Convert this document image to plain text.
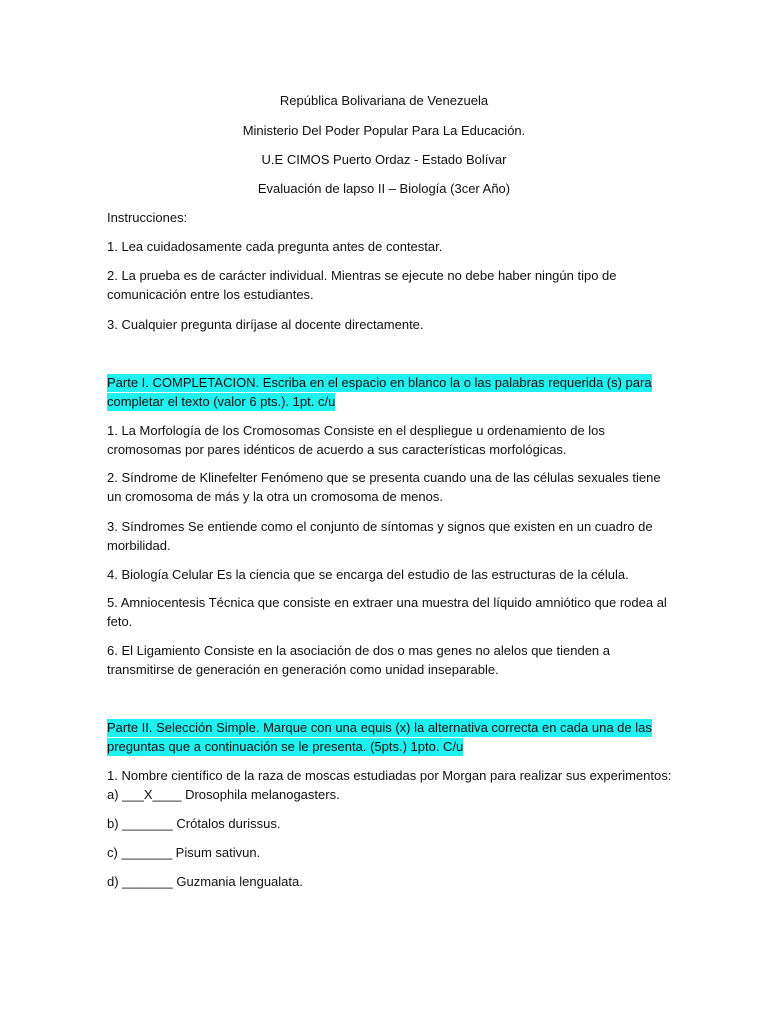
República Bolivariana de Venezuela
Ministerio Del Poder Popular Para La Educación.
U.E CIMOS Puerto Ordaz - Estado Bolívar
Evaluación de lapso II – Biología (3cer Año)
Instrucciones:
1. Lea cuidadosamente cada pregunta antes de contestar.
2. La prueba es de carácter individual. Mientras se ejecute no debe haber ningún tipo de comunicación entre los estudiantes.
3. Cualquier pregunta diríjase al docente directamente.
Parte I. COMPLETACION. Escriba en el espacio en blanco la o las palabras requerida (s) para completar el texto (valor 6 pts.). 1pt. c/u
1. La Morfología de los Cromosomas Consiste en el despliegue u ordenamiento de los cromosomas por pares idénticos de acuerdo a sus características morfológicas.
2. Síndrome de Klinefelter Fenómeno que se presenta cuando una de las células sexuales tiene un cromosoma de más y la otra un cromosoma de menos.
3. Síndromes Se entiende como el conjunto de síntomas y signos que existen en un cuadro de morbilidad.
4. Biología Celular Es la ciencia que se encarga del estudio de las estructuras de la célula.
5. Amniocentesis Técnica que consiste en extraer una muestra del líquido amniótico que rodea al feto.
6. El Ligamiento Consiste en la asociación de dos o mas genes no alelos que tienden a transmitirse de generación en generación como unidad inseparable.
Parte II. Selección Simple. Marque con una equis (x) la alternativa correcta en cada una de las preguntas que a continuación se le presenta. (5pts.) 1pto. C/u
1. Nombre científico de la raza de moscas estudiadas por Morgan para realizar sus experimentos:
a) ___X____ Drosophila melanogasters.
b) _______ Crótalos durissus.
c) _______ Pisum sativun.
d) _______ Guzmania lengualata.
